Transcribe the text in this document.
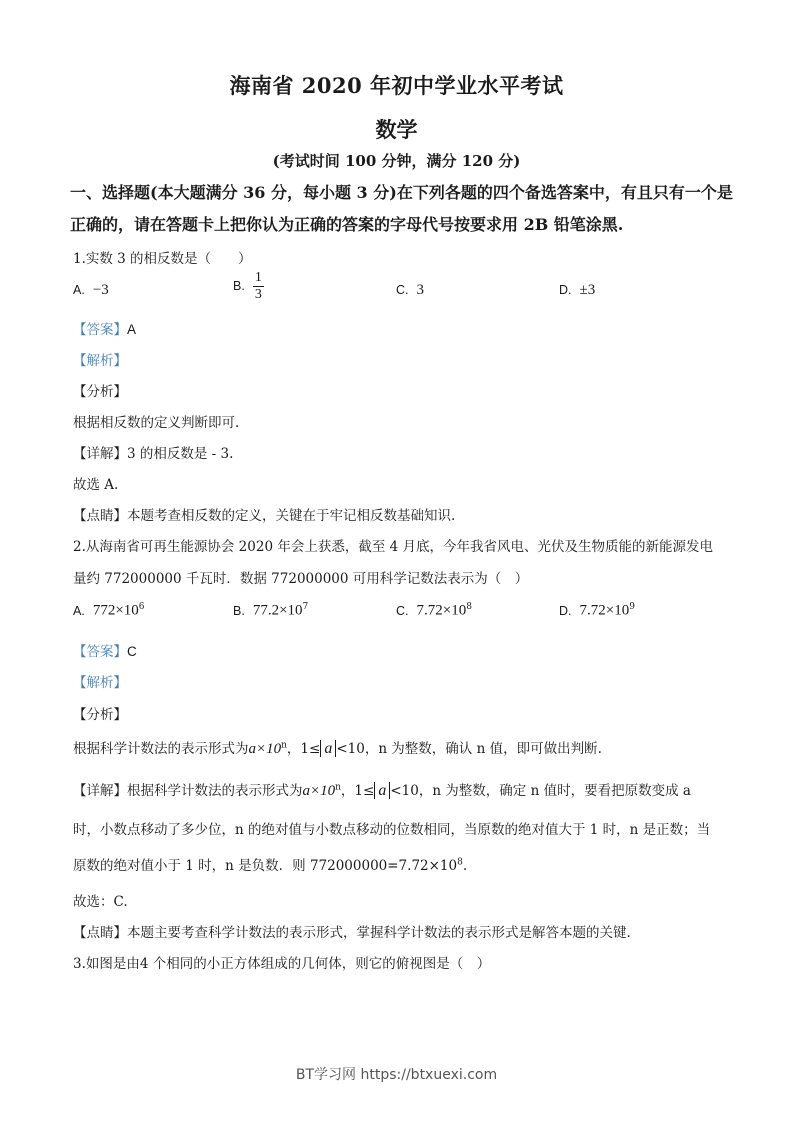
海南省 2020 年初中学业水平考试
数学
(考试时间 100 分钟，满分 120 分)
一、选择题(本大题满分 36 分，每小题 3 分)在下列各题的四个备选答案中，有且只有一个是
正确的，请在答题卡上把你认为正确的答案的字母代号按要求用 2B 铅笔涂黑.
1.实数 3 的相反数是（　　）
A. −3	B. $\frac{1}{3}$	C. 3	D. ±3
【答案】A
【解析】
【分析】
根据相反数的定义判断即可.
【详解】3 的相反数是 - 3.
故选 A.
【点睛】本题考查相反数的定义，关键在于牢记相反数基础知识.
2.从海南省可再生能源协会 2020 年会上获悉，截至 4 月底，今年我省风电、光伏及生物质能的新能源发电
量约 772000000 千瓦时．数据 772000000 可用科学记数法表示为（　）
A. $772\times 10^6$	B. $77.2\times 10^7$	C. $7.72\times 10^8$	D. $7.72\times 10^9$
【答案】C
【解析】
【分析】
根据科学计数法的表示形式为$a\times 10^n$，1≤ a <10，n 为整数，确认 n 值，即可做出判断.
【详解】根据科学计数法的表示形式为$a\times 10^n$，1≤ a <10，n 为整数，确定 n 值时，要看把原数变成 a
时，小数点移动了多少位，n 的绝对值与小数点移动的位数相同，当原数的绝对值大于 1 时，n 是正数；当
原数的绝对值小于 1 时，n 是负数．则 $772000000=7.72\times 10^8$.
故选：C.
【点睛】本题主要考查科学计数法的表示形式，掌握科学计数法的表示形式是解答本题的关键.
3.如图是由4 个相同的小正方体组成的几何体，则它的俯视图是（　）
BT学习网 https://btxuexi.com
